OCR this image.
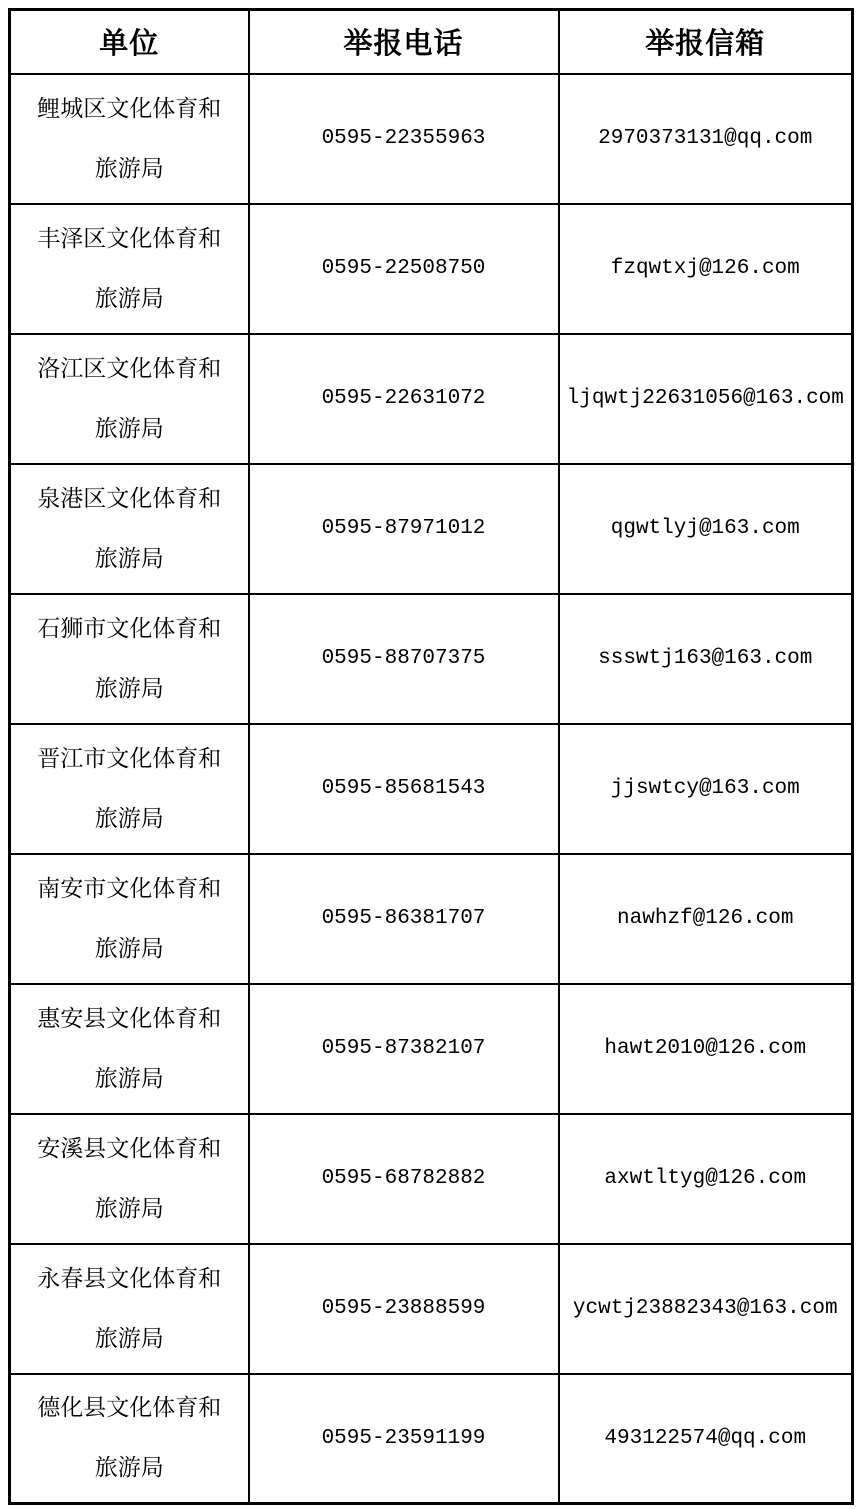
单位	举报电话	举报信箱

鲤城区文化体育和
旅游局	0595-22355963	2970373131@qq.com

丰泽区文化体育和
旅游局	0595-22508750	fzqwtxj@126.com

洛江区文化体育和
旅游局	0595-22631072	ljqwtj22631056@163.com

泉港区文化体育和
旅游局	0595-87971012	qgwtlyj@163.com

石狮市文化体育和
旅游局	0595-88707375	ssswtj163@163.com

晋江市文化体育和
旅游局	0595-85681543	jjswtcy@163.com

南安市文化体育和
旅游局	0595-86381707	nawhzf@126.com

惠安县文化体育和
旅游局	0595-87382107	hawt2010@126.com

安溪县文化体育和
旅游局	0595-68782882	axwtltyg@126.com

永春县文化体育和
旅游局	0595-23888599	ycwtj23882343@163.com

德化县文化体育和
旅游局	0595-23591199	493122574@qq.com
